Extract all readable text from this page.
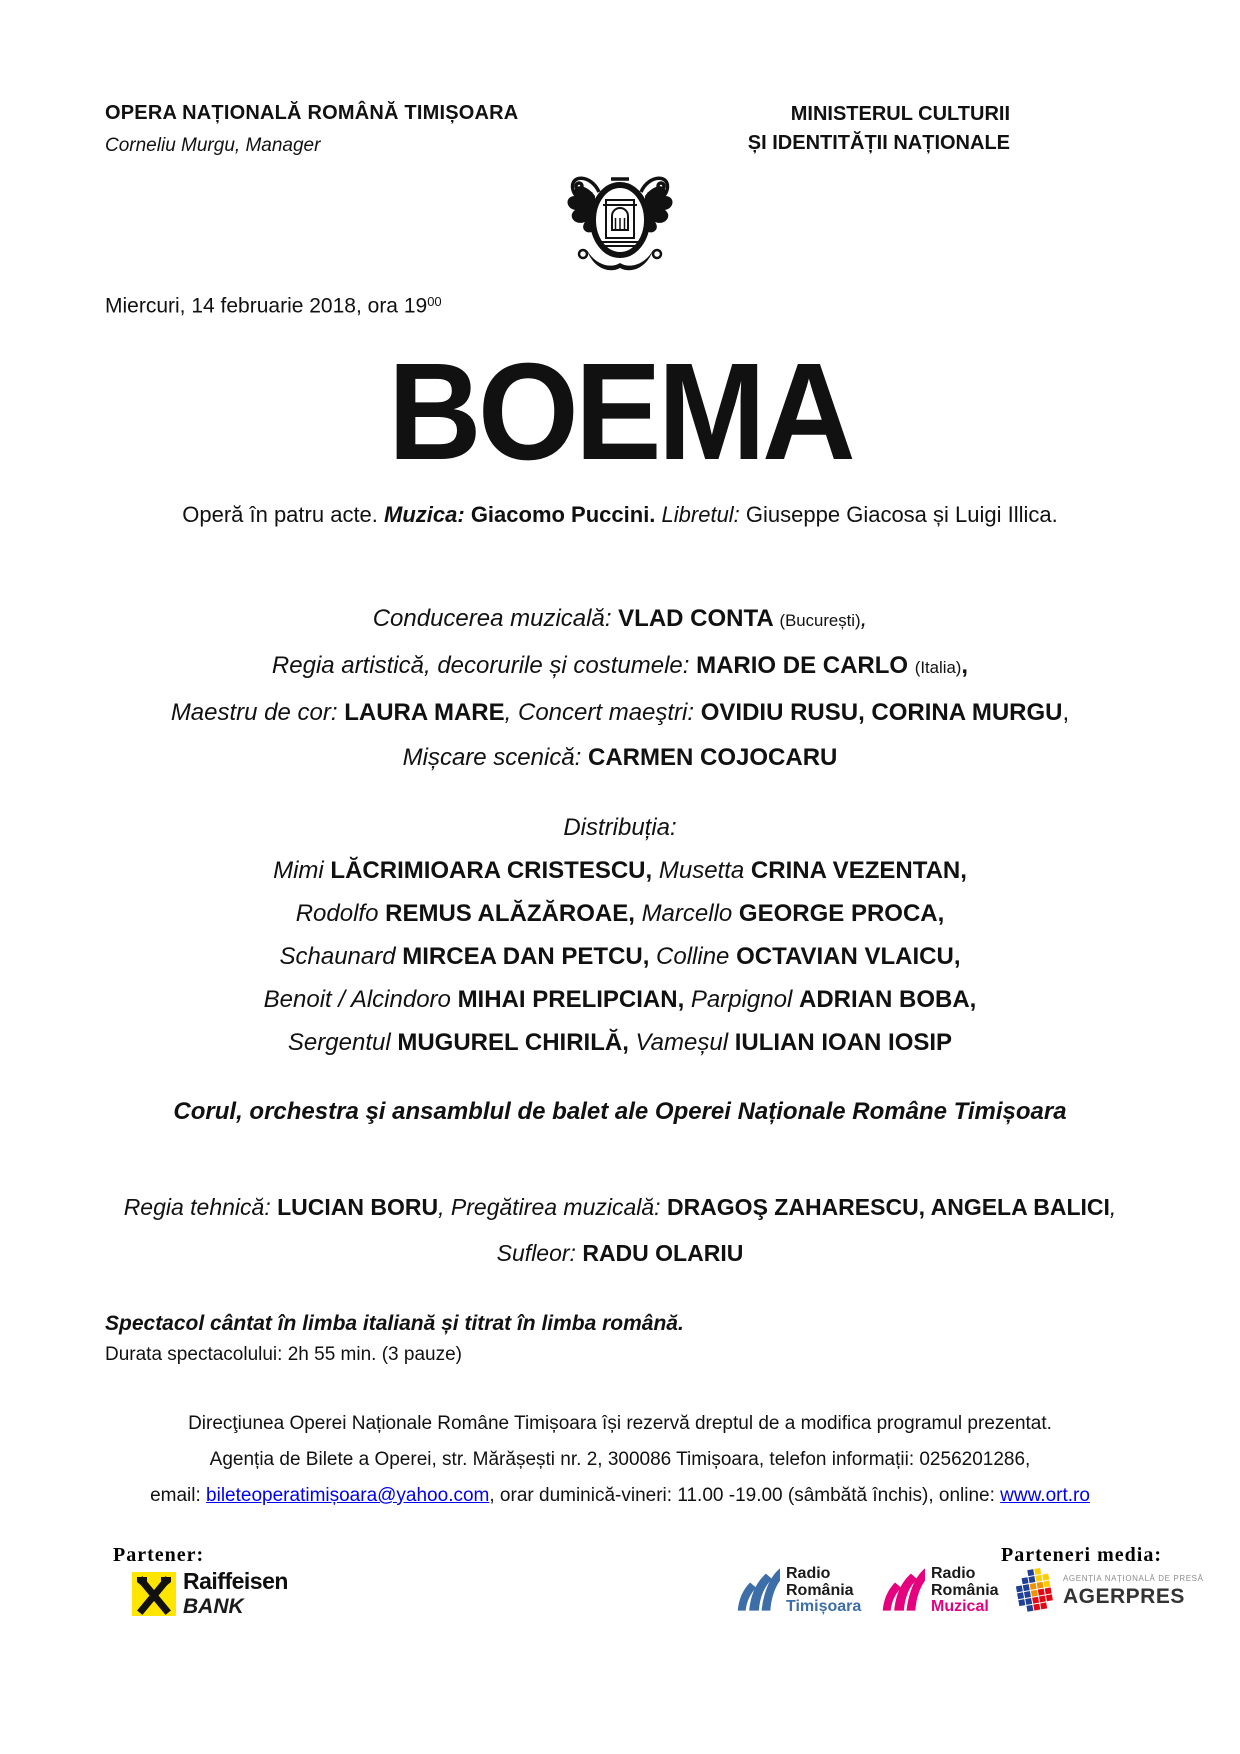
OPERA NAȚIONALĂ ROMÂNĂ TIMIȘOARA
Corneliu Murgu, Manager
MINISTERUL CULTURII
ȘI IDENTITĂȚII NAȚIONALE
Miercuri, 14 februarie 2018, ora $19^{00}$
BOEMA
Operă în patru acte. Muzica: Giacomo Puccini. Libretul: Giuseppe Giacosa și Luigi Illica.
Conducerea muzicală: VLAD CONTA (București),
Regia artistică, decorurile și costumele: MARIO DE CARLO (Italia),
Maestru de cor: LAURA MARE, Concert maeştri: OVIDIU RUSU, CORINA MURGU,
Mișcare scenică: CARMEN COJOCARU
Distribuția:
Mimi LĂCRIMIOARA CRISTESCU, Musetta CRINA VEZENTAN,
Rodolfo REMUS ALĂZĂROAE, Marcello GEORGE PROCA,
Schaunard MIRCEA DAN PETCU, Colline OCTAVIAN VLAICU,
Benoit / Alcindoro MIHAI PRELIPCIAN, Parpignol ADRIAN BOBA,
Sergentul MUGUREL CHIRILĂ, Vameșul IULIAN IOAN IOSIP
Corul, orchestra şi ansamblul de balet ale Operei Naționale Române Timișoara
Regia tehnică: LUCIAN BORU, Pregătirea muzicală: DRAGOŞ ZAHARESCU, ANGELA BALICI,
Sufleor: RADU OLARIU
Spectacol cântat în limba italiană și titrat în limba română.
Durata spectacolului: 2h 55 min. (3 pauze)
Direcţiunea Operei Naționale Române Timișoara își rezervă dreptul de a modifica programul prezentat.
Agenția de Bilete a Operei, str. Mărășești nr. 2, 300086 Timișoara, telefon informații: 0256201286,
email: bileteoperatimișoara@yahoo.com, orar duminică-vineri: 11.00 -19.00 (sâmbătă închis), online: www.ort.ro
Partener:
Raiffeisen
BANK
Parteneri media:
Radio
România
Timișoara
Radio
România
Muzical
AGENȚIA NAȚIONALĂ DE PRESĂ
AGERPRES
